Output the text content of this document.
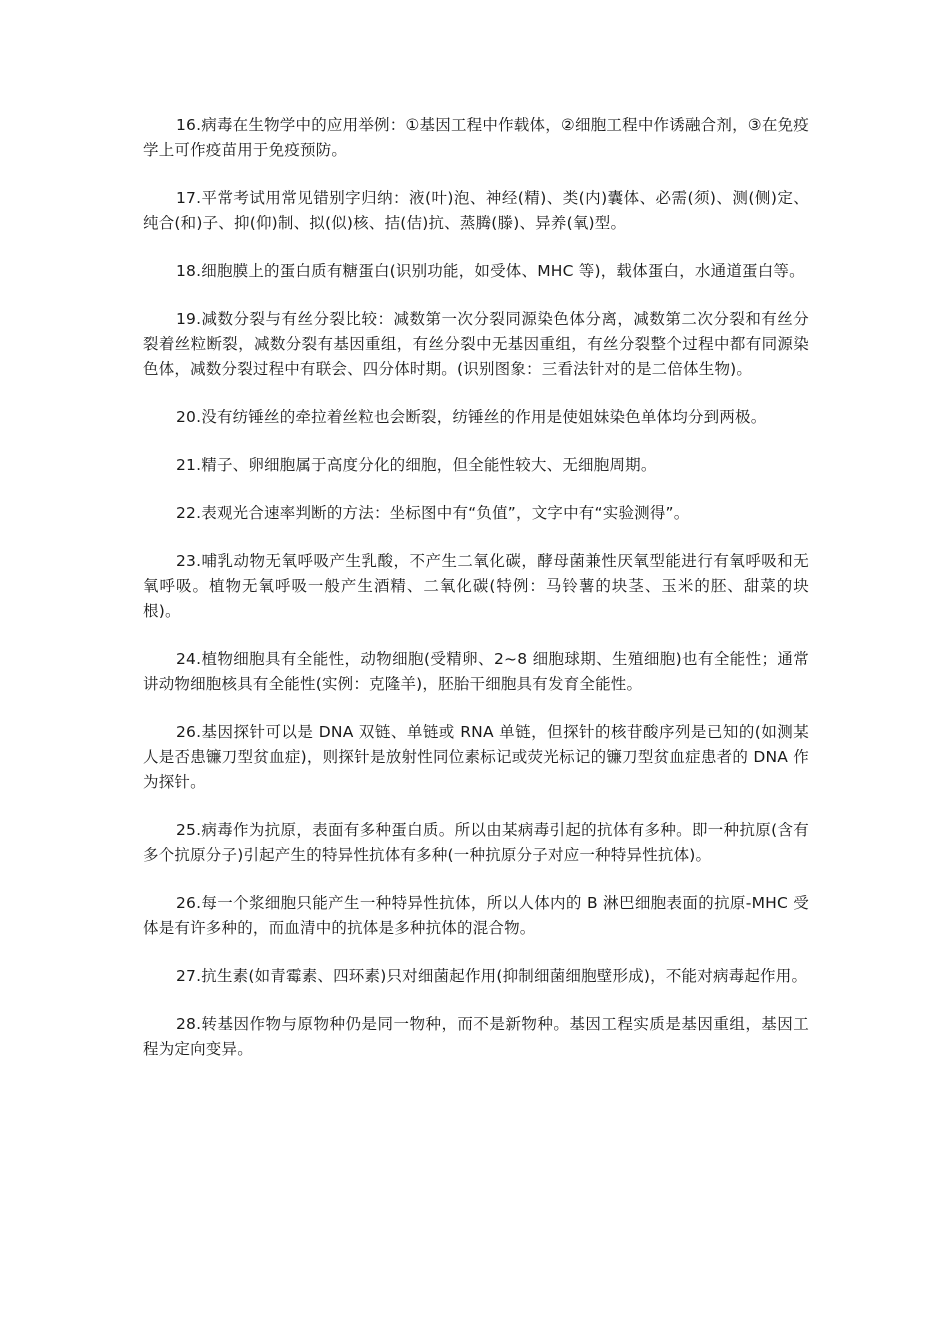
16.病毒在生物学中的应用举例：①基因工程中作载体，②细胞工程中作诱融合剂，③在免疫学上可作疫苗用于免疫预防。

17.平常考试用常见错别字归纳：液(叶)泡、神经(精)、类(内)囊体、必需(须)、测(侧)定、纯合(和)子、抑(仰)制、拟(似)核、拮(佶)抗、蒸腾(滕)、异养(氧)型。

18.细胞膜上的蛋白质有糖蛋白(识别功能，如受体、MHC 等)，载体蛋白，水通道蛋白等。

19.减数分裂与有丝分裂比较：减数第一次分裂同源染色体分离，减数第二次分裂和有丝分裂着丝粒断裂，减数分裂有基因重组，有丝分裂中无基因重组，有丝分裂整个过程中都有同源染色体，减数分裂过程中有联会、四分体时期。(识别图象：三看法针对的是二倍体生物)。

20.没有纺锤丝的牵拉着丝粒也会断裂，纺锤丝的作用是使姐妹染色单体均分到两极。

21.精子、卵细胞属于高度分化的细胞，但全能性较大、无细胞周期。

22.表观光合速率判断的方法：坐标图中有“负值”，文字中有“实验测得”。

23.哺乳动物无氧呼吸产生乳酸，不产生二氧化碳，酵母菌兼性厌氧型能进行有氧呼吸和无氧呼吸。植物无氧呼吸一般产生酒精、二氧化碳(特例：马铃薯的块茎、玉米的胚、甜菜的块根)。

24.植物细胞具有全能性，动物细胞(受精卵、2~8 细胞球期、生殖细胞)也有全能性；通常讲动物细胞核具有全能性(实例：克隆羊)，胚胎干细胞具有发育全能性。

26.基因探针可以是 DNA 双链、单链或 RNA 单链，但探针的核苷酸序列是已知的(如测某人是否患镰刀型贫血症)，则探针是放射性同位素标记或荧光标记的镰刀型贫血症患者的 DNA 作为探针。

25.病毒作为抗原，表面有多种蛋白质。所以由某病毒引起的抗体有多种。即一种抗原(含有多个抗原分子)引起产生的特异性抗体有多种(一种抗原分子对应一种特异性抗体)。

26.每一个浆细胞只能产生一种特异性抗体，所以人体内的 B 淋巴细胞表面的抗原-MHC 受体是有许多种的，而血清中的抗体是多种抗体的混合物。

27.抗生素(如青霉素、四环素)只对细菌起作用(抑制细菌细胞壁形成)，不能对病毒起作用。

28.转基因作物与原物种仍是同一物种，而不是新物种。基因工程实质是基因重组，基因工程为定向变异。
